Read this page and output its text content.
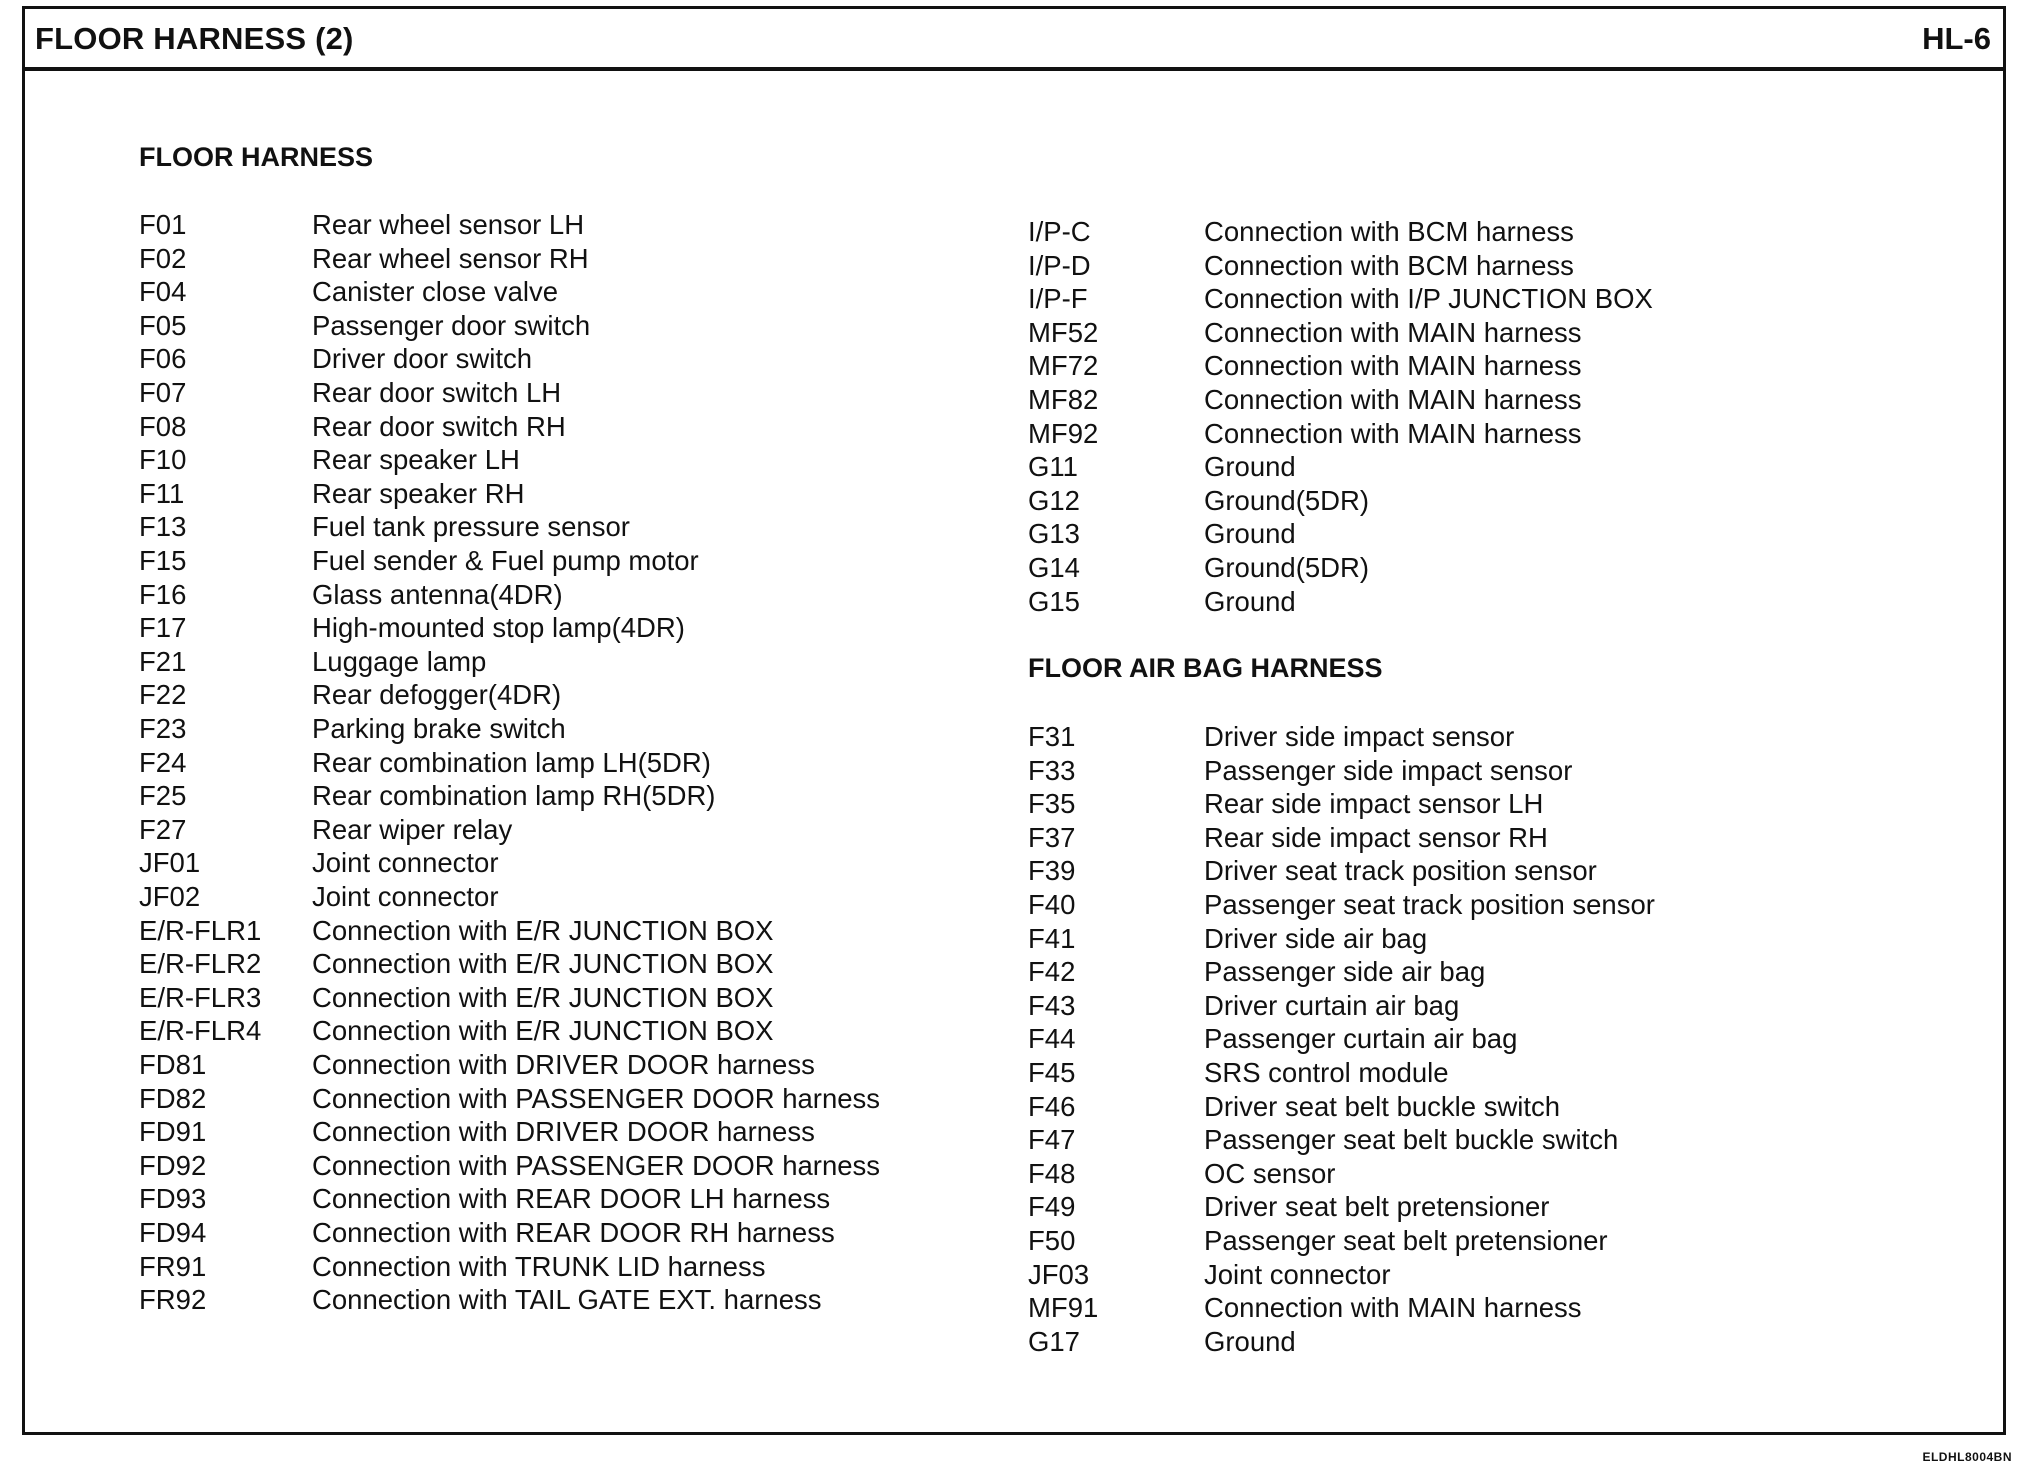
FLOOR HARNESS (2)	HL-6
FLOOR HARNESS
F01	Rear wheel sensor LH
F02	Rear wheel sensor RH
F04	Canister close valve
F05	Passenger door switch
F06	Driver door switch
F07	Rear door switch LH
F08	Rear door switch RH
F10	Rear speaker LH
F11	Rear speaker RH
F13	Fuel tank pressure sensor
F15	Fuel sender & Fuel pump motor
F16	Glass antenna(4DR)
F17	High-mounted stop lamp(4DR)
F21	Luggage lamp
F22	Rear defogger(4DR)
F23	Parking brake switch
F24	Rear combination lamp LH(5DR)
F25	Rear combination lamp RH(5DR)
F27	Rear wiper relay
JF01	Joint connector
JF02	Joint connector
E/R-FLR1 Connection with E/R JUNCTION BOX
E/R-FLR2 Connection with E/R JUNCTION BOX
E/R-FLR3 Connection with E/R JUNCTION BOX
E/R-FLR4 Connection with E/R JUNCTION BOX
FD81	Connection with DRIVER DOOR harness
FD82	Connection with PASSENGER DOOR harness
FD91	Connection with DRIVER DOOR harness
FD92	Connection with PASSENGER DOOR harness
FD93	Connection with REAR DOOR LH harness
FD94	Connection with REAR DOOR RH harness
FR91	Connection with TRUNK LID harness
FR92	Connection with TAIL GATE EXT. harness
I/P-C	Connection with BCM harness
I/P-D	Connection with BCM harness
I/P-F	Connection with I/P JUNCTION BOX
MF52	Connection with MAIN harness
MF72	Connection with MAIN harness
MF82	Connection with MAIN harness
MF92	Connection with MAIN harness
G11	Ground
G12	Ground(5DR)
G13	Ground
G14	Ground(5DR)
G15	Ground
FLOOR AIR BAG HARNESS
F31	Driver side impact sensor
F33	Passenger side impact sensor
F35	Rear side impact sensor LH
F37	Rear side impact sensor RH
F39	Driver seat track position sensor
F40	Passenger seat track position sensor
F41	Driver side air bag
F42	Passenger side air bag
F43	Driver curtain air bag
F44	Passenger curtain air bag
F45	SRS control module
F46	Driver seat belt buckle switch
F47	Passenger seat belt buckle switch
F48	OC sensor
F49	Driver seat belt pretensioner
F50	Passenger seat belt pretensioner
JF03	Joint connector
MF91	Connection with MAIN harness
G17	Ground
ELDHL8004BN
